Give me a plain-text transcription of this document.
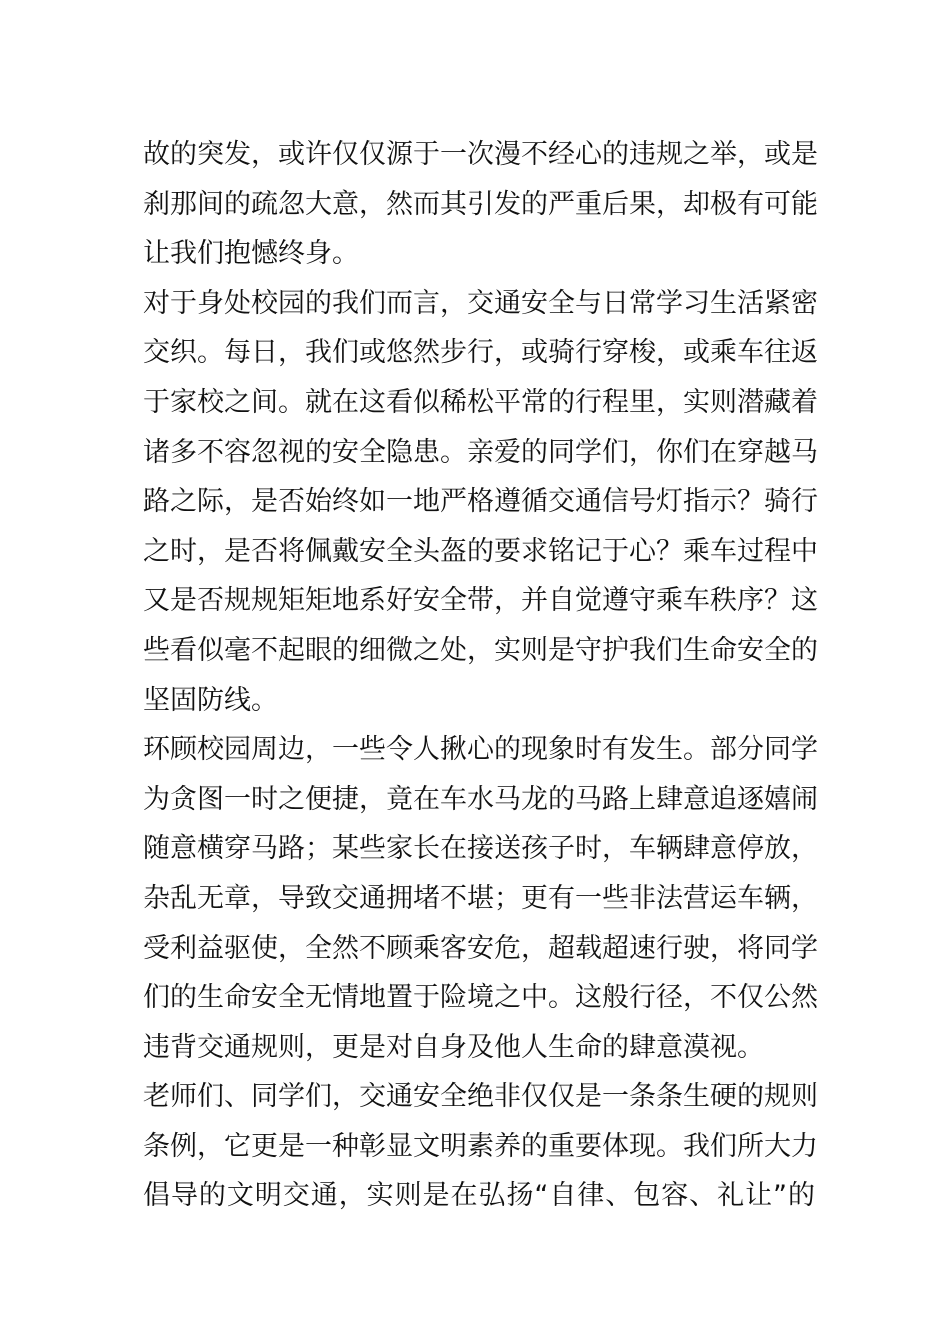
故的突发，或许仅仅源于一次漫不经心的违规之举，或是
刹那间的疏忽大意，然而其引发的严重后果，却极有可能
让我们抱憾终身。
对于身处校园的我们而言，交通安全与日常学习生活紧密
交织。每日，我们或悠然步行，或骑行穿梭，或乘车往返
于家校之间。就在这看似稀松平常的行程里，实则潜藏着
诸多不容忽视的安全隐患。亲爱的同学们，你们在穿越马
路之际，是否始终如一地严格遵循交通信号灯指示？骑行
之时，是否将佩戴安全头盔的要求铭记于心？乘车过程中
又是否规规矩矩地系好安全带，并自觉遵守乘车秩序？这
些看似毫不起眼的细微之处，实则是守护我们生命安全的
坚固防线。
环顾校园周边，一些令人揪心的现象时有发生。部分同学
为贪图一时之便捷，竟在车水马龙的马路上肆意追逐嬉闹
随意横穿马路；某些家长在接送孩子时，车辆肆意停放，
杂乱无章，导致交通拥堵不堪；更有一些非法营运车辆，
受利益驱使，全然不顾乘客安危，超载超速行驶，将同学
们的生命安全无情地置于险境之中。这般行径，不仅公然
违背交通规则，更是对自身及他人生命的肆意漠视。
老师们、同学们，交通安全绝非仅仅是一条条生硬的规则
条例，它更是一种彰显文明素养的重要体现。我们所大力
倡导的文明交通，实则是在弘扬“自律、包容、礼让”的
